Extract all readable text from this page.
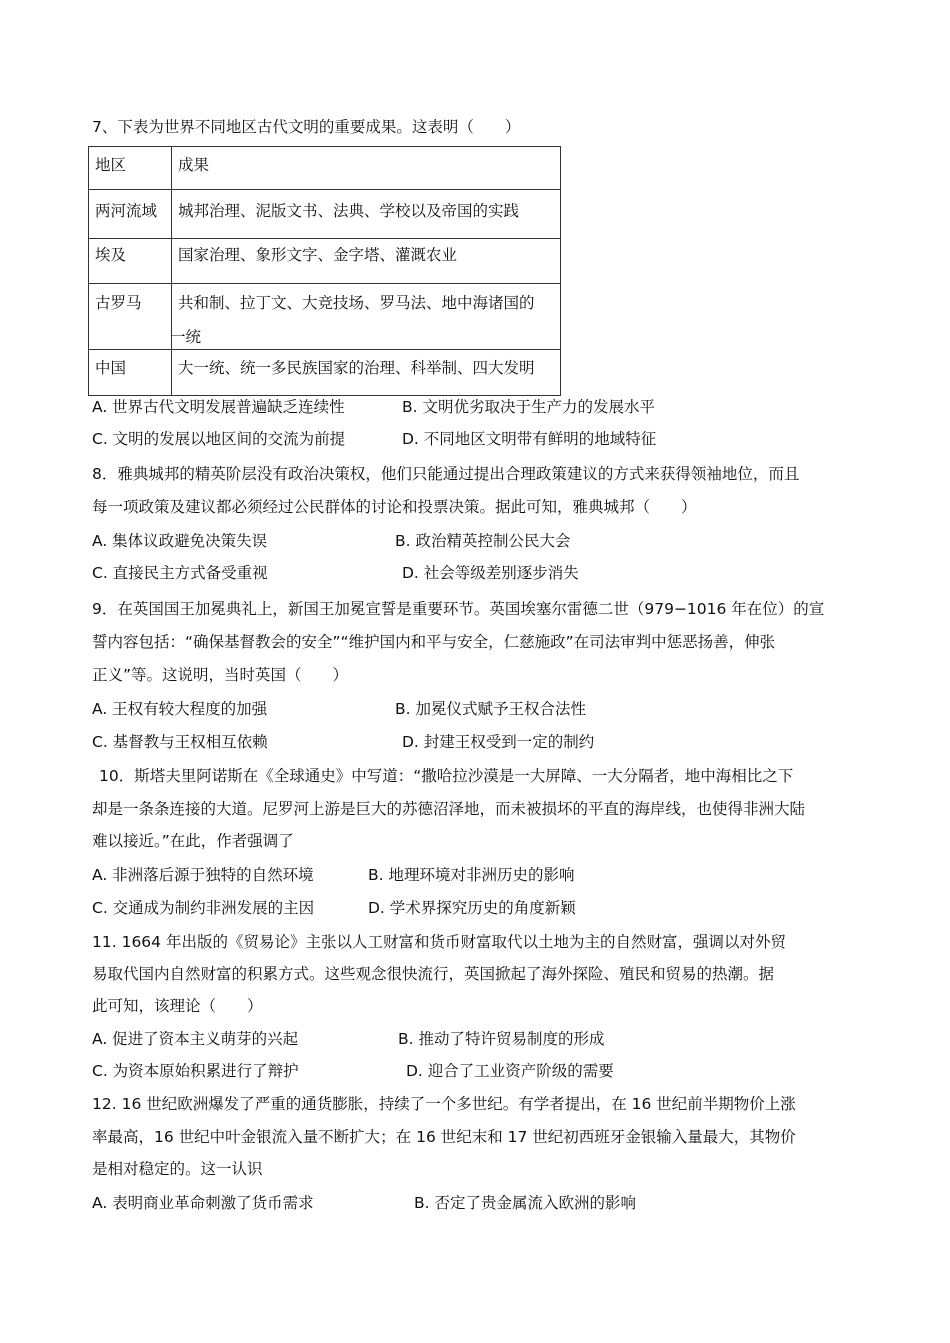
7、下表为世界不同地区古代文明的重要成果。这表明（　　）
地区	成果
两河流域	城邦治理、泥版文书、法典、学校以及帝国的实践
埃及	国家治理、象形文字、金字塔、灌溉农业
古罗马	共和制、拉丁文、大竞技场、罗马法、地中海诸国的
一统

中国	大一统、统一多民族国家的治理、科举制、四大发明
A. 世界古代文明发展普遍缺乏连续性	B. 文明优劣取决于生产力的发展水平
C. 文明的发展以地区间的交流为前提	D. 不同地区文明带有鲜明的地域特征
8．雅典城邦的精英阶层没有政治决策权，他们只能通过提出合理政策建议的方式来获得领袖地位，而且
每一项政策及建议都必须经过公民群体的讨论和投票决策。据此可知，雅典城邦（　　）
A. 集体议政避免决策失误	B. 政治精英控制公民大会
C. 直接民主方式备受重视	D. 社会等级差别逐步消失
9．在英国国王加冕典礼上，新国王加冕宣誓是重要环节。英国埃塞尔雷德二世（979−1016 年在位）的宣
誓内容包括：“确保基督教会的安全”“维护国内和平与安全，仁慈施政”在司法审判中惩恶扬善，伸张
正义”等。这说明，当时英国（　　）
A. 王权有较大程度的加强	B. 加冕仪式赋予王权合法性
C. 基督教与王权相互依赖	D. 封建王权受到一定的制约
10．斯塔夫里阿诺斯在《全球通史》中写道：“撒哈拉沙漠是一大屏障、一大分隔者，地中海相比之下
却是一条条连接的大道。尼罗河上游是巨大的苏德沼泽地，而未被损坏的平直的海岸线，也使得非洲大陆
难以接近。”在此，作者强调了
A. 非洲落后源于独特的自然环境	B. 地理环境对非洲历史的影响
C. 交通成为制约非洲发展的主因	D. 学术界探究历史的角度新颖
11. 1664 年出版的《贸易论》主张以人工财富和货币财富取代以土地为主的自然财富，强调以对外贸
易取代国内自然财富的积累方式。这些观念很快流行，英国掀起了海外探险、殖民和贸易的热潮。据
此可知，该理论（　　）
A. 促进了资本主义萌芽的兴起	B. 推动了特许贸易制度的形成
C. 为资本原始积累进行了辩护	D. 迎合了工业资产阶级的需要
12. 16 世纪欧洲爆发了严重的通货膨胀，持续了一个多世纪。有学者提出，在 16 世纪前半期物价上涨
率最高，16 世纪中叶金银流入量不断扩大；在 16 世纪末和 17 世纪初西班牙金银输入量最大，其物价
是相对稳定的。这一认识
A. 表明商业革命刺激了货币需求	B. 否定了贵金属流入欧洲的影响
